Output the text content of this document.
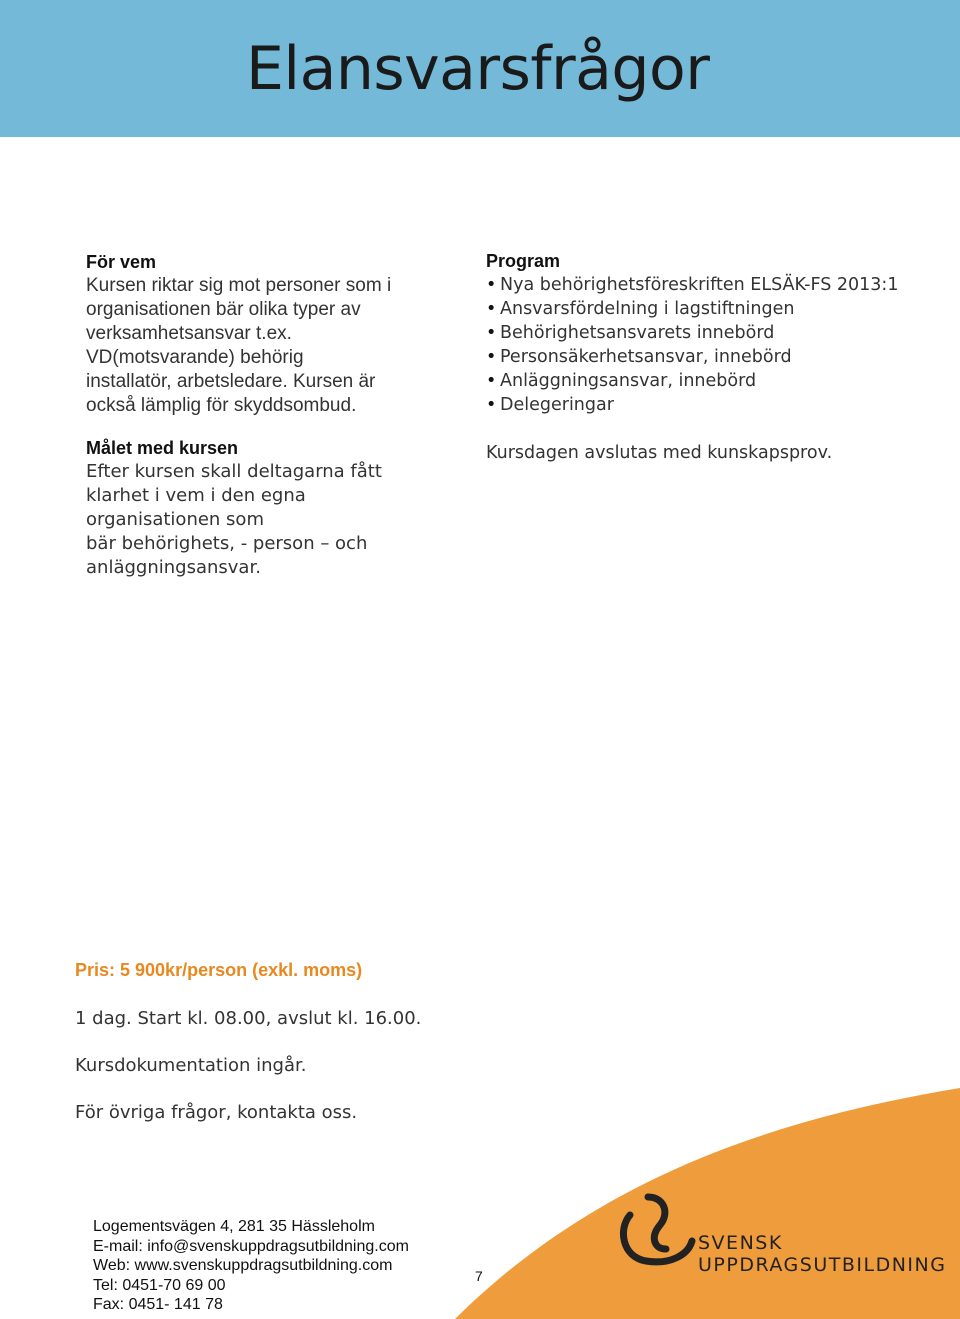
Elansvarsfrågor
För vem
Kursen riktar sig mot personer som i
organisationen bär olika typer av
verksamhetsansvar t.ex.
VD(motsvarande) behörig
installatör, arbetsledare. Kursen är
också lämplig för skyddsombud.
Målet med kursen
Efter kursen skall deltagarna fått
klarhet i vem i den egna
organisationen som
bär behörighets, - person – och
anläggningsansvar.
Program
• Nya behörighetsföreskriften ELSÄK-FS 2013:1
• Ansvarsfördelning i lagstiftningen
• Behörighetsansvarets innebörd
• Personsäkerhetsansvar, innebörd
• Anläggningsansvar, innebörd
• Delegeringar
Kursdagen avslutas med kunskapsprov.
Pris: 5 900kr/person (exkl. moms)
1 dag. Start kl. 08.00, avslut kl. 16.00.
Kursdokumentation ingår.
För övriga frågor, kontakta oss.
Logementsvägen 4, 281 35 Hässleholm
E-mail: info@svenskuppdragsutbildning.com
Web: www.svenskuppdragsutbildning.com
Tel: 0451-70 69 00
Fax: 0451- 141 78
7
SVENSK
UPPDRAGSUTBILDNING
